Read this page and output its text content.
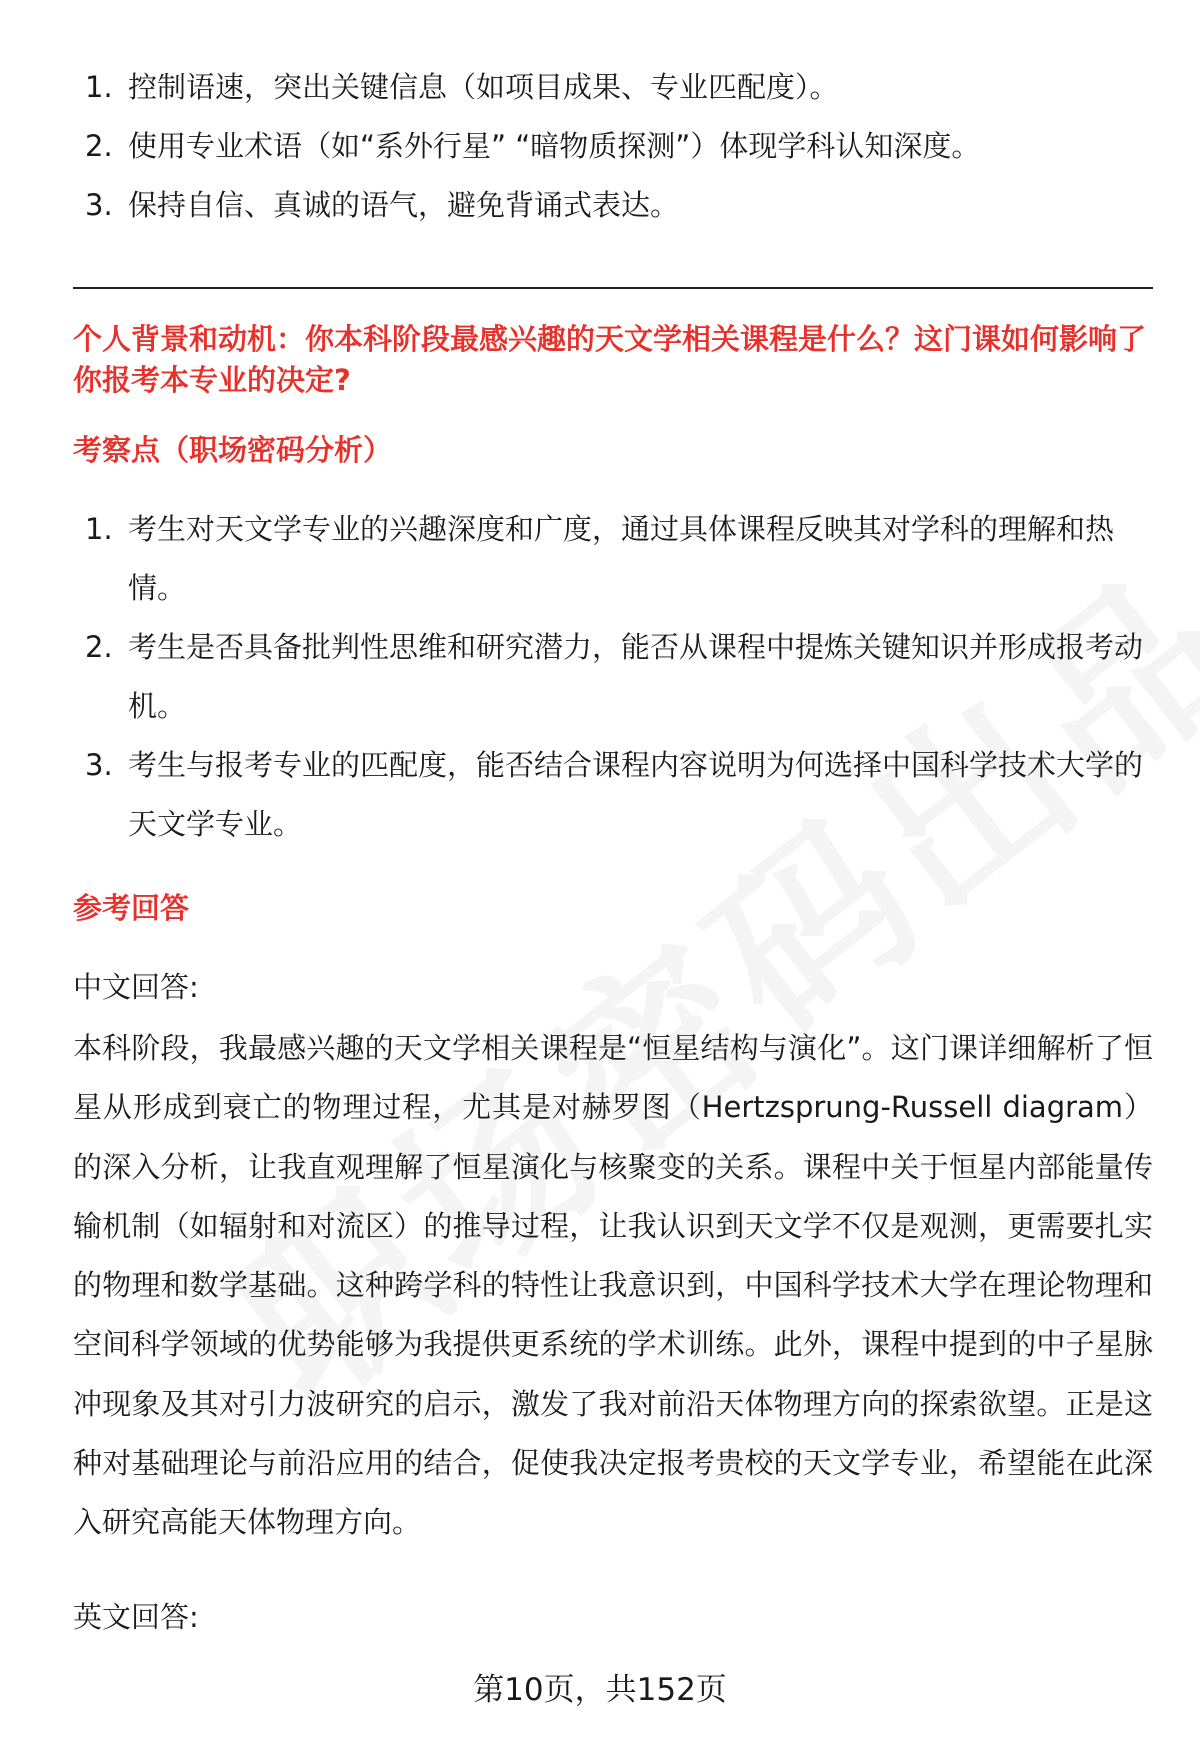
1. 控制语速，突出关键信息（如项目成果、专业匹配度）。
2. 使用专业术语（如“系外行星” “暗物质探测”）体现学科认知深度。
3. 保持自信、真诚的语气，避免背诵式表达。

个人背景和动机：你本科阶段最感兴趣的天文学相关课程是什么？这门课如何影响了你报考本专业的决定?

考察点（职场密码分析）

1. 考生对天文学专业的兴趣深度和广度，通过具体课程反映其对学科的理解和热情。
2. 考生是否具备批判性思维和研究潜力，能否从课程中提炼关键知识并形成报考动机。
3. 考生与报考专业的匹配度，能否结合课程内容说明为何选择中国科学技术大学的天文学专业。

参考回答

中文回答:

本科阶段，我最感兴趣的天文学相关课程是“恒星结构与演化”。这门课详细解析了恒星从形成到衰亡的物理过程，尤其是对赫罗图（Hertzsprung-Russell diagram）的深入分析，让我直观理解了恒星演化与核聚变的关系。课程中关于恒星内部能量传输机制（如辐射和对流区）的推导过程，让我认识到天文学不仅是观测，更需要扎实的物理和数学基础。这种跨学科的特性让我意识到，中国科学技术大学在理论物理和空间科学领域的优势能够为我提供更系统的学术训练。此外，课程中提到的中子星脉冲现象及其对引力波研究的启示，激发了我对前沿天体物理方向的探索欲望。正是这种对基础理论与前沿应用的结合，促使我决定报考贵校的天文学专业，希望能在此深入研究高能天体物理方向。

英文回答:

第10页，共152页
